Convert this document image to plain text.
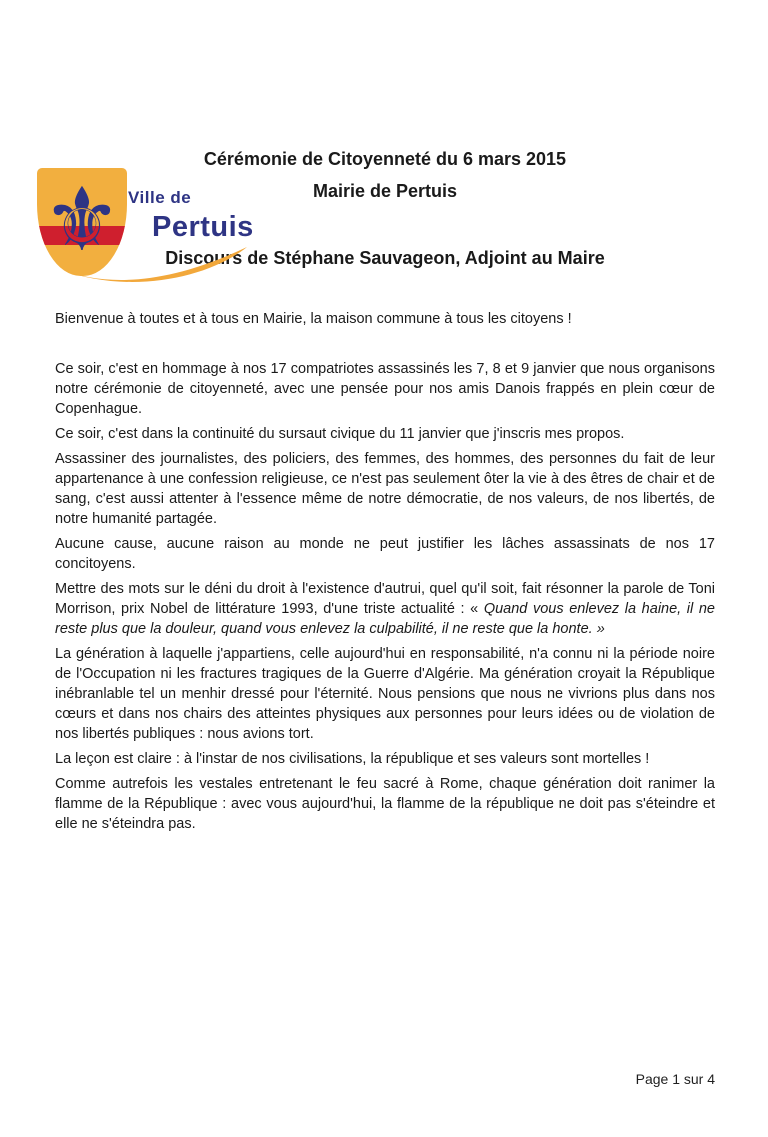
⚜ Ville de
Pertuis
Cérémonie de Citoyenneté du 6 mars 2015
Mairie de Pertuis
Discours de Stéphane Sauvageon, Adjoint au Maire

Bienvenue à toutes et à tous en Mairie, la maison commune à tous les citoyens !

Ce soir, c'est en hommage à nos 17 compatriotes assassinés les 7, 8 et 9 janvier que nous organisons notre cérémonie de citoyenneté, avec une pensée pour nos amis Danois frappés en plein cœur de Copenhague.

Ce soir, c'est dans la continuité du sursaut civique du 11 janvier que j'inscris mes propos.

Assassiner des journalistes, des policiers, des femmes, des hommes, des personnes du fait de leur appartenance à une confession religieuse, ce n'est pas seulement ôter la vie à des êtres de chair et de sang, c'est aussi attenter à l'essence même de notre démocratie, de nos valeurs, de nos libertés, de notre humanité partagée.

Aucune cause, aucune raison au monde ne peut justifier les lâches assassinats de nos 17 concitoyens.

Mettre des mots sur le déni du droit à l'existence d'autrui, quel qu'il soit, fait résonner la parole de Toni Morrison, prix Nobel de littérature 1993, d'une triste actualité : « Quand vous enlevez la haine, il ne reste plus que la douleur, quand vous enlevez la culpabilité, il ne reste que la honte. »

La génération à laquelle j'appartiens, celle aujourd'hui en responsabilité, n'a connu ni la période noire de l'Occupation ni les fractures tragiques de la Guerre d'Algérie. Ma génération croyait la République inébranlable tel un menhir dressé pour l'éternité. Nous pensions que nous ne vivrions plus dans nos cœurs et dans nos chairs des atteintes physiques aux personnes pour leurs idées ou de violation de nos libertés publiques : nous avions tort.

La leçon est claire : à l'instar de nos civilisations, la république et ses valeurs sont mortelles !

Comme autrefois les vestales entretenant le feu sacré à Rome, chaque génération doit ranimer la flamme de la République : avec vous aujourd'hui, la flamme de la république ne doit pas s'éteindre et elle ne s'éteindra pas.

Page 1 sur 4
